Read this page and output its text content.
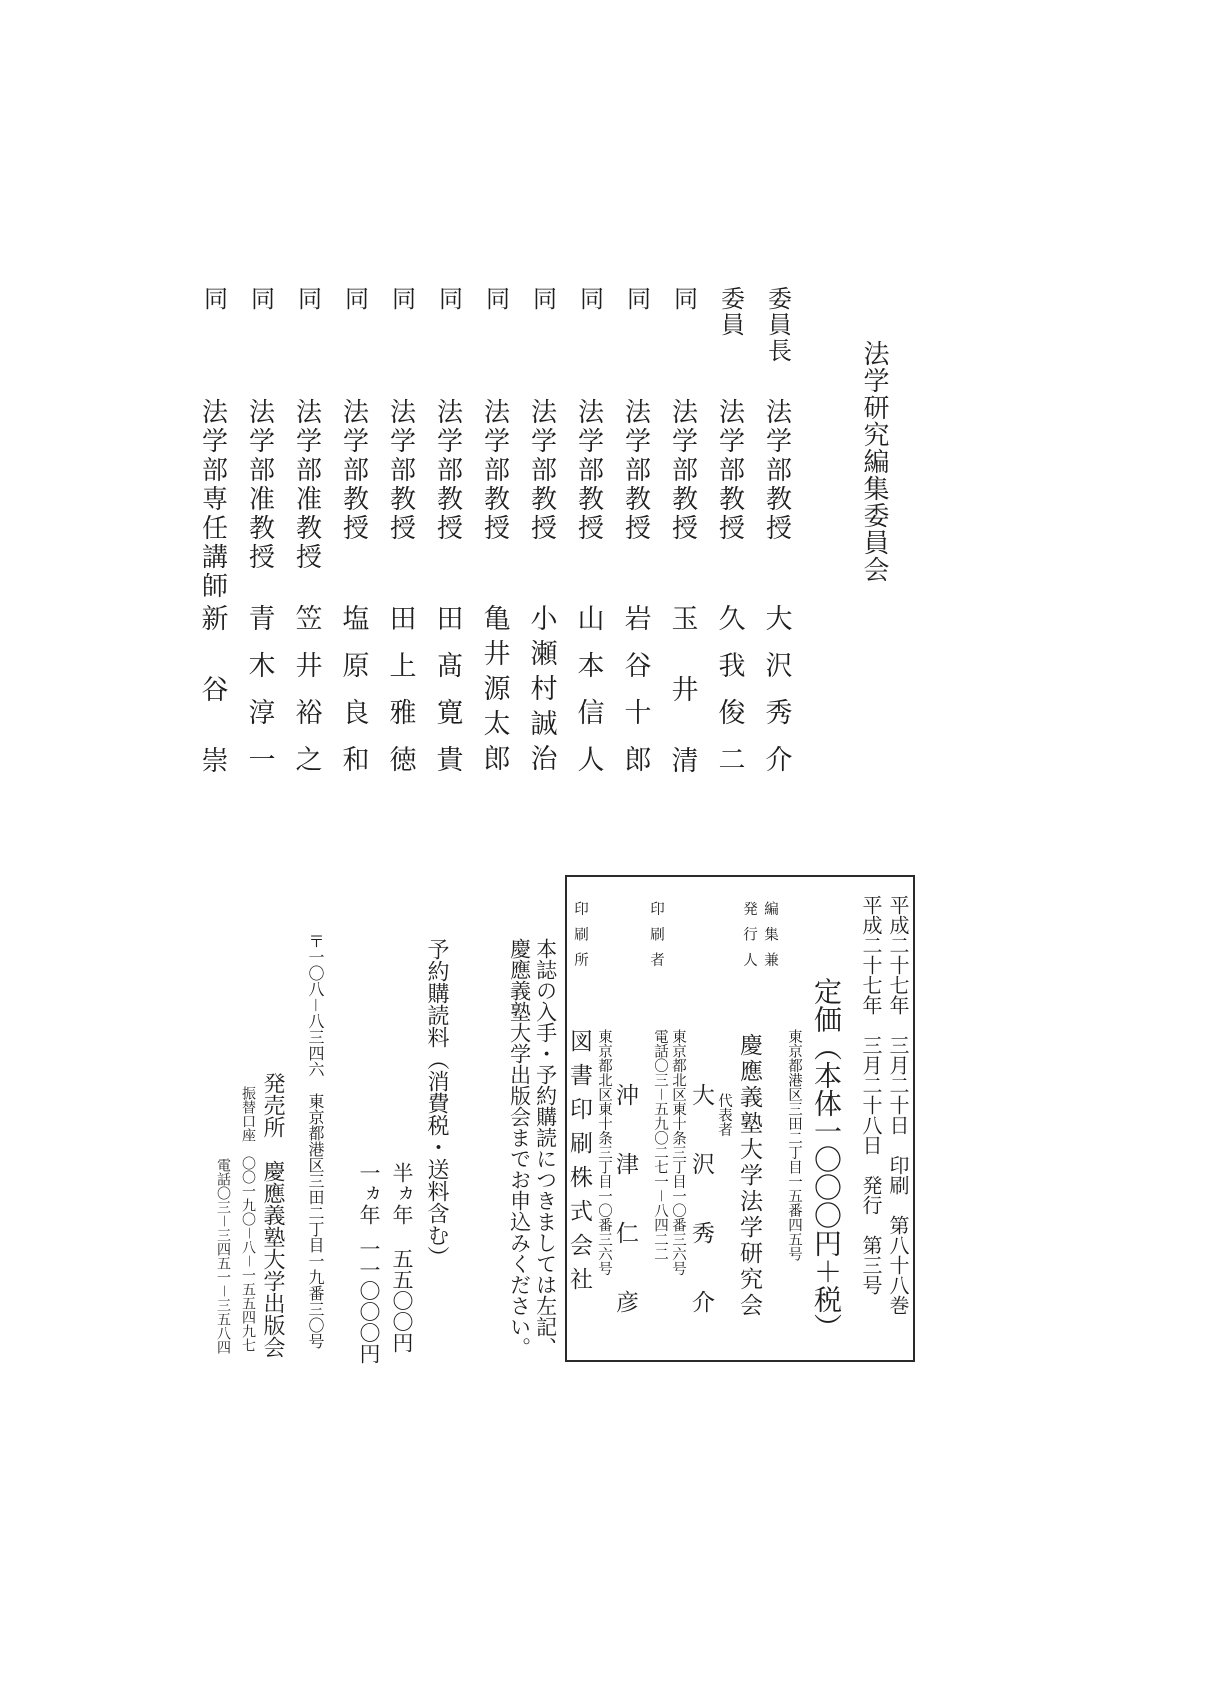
法学研究編集委員会
委員長
法学部教授
大沢秀介
委員
法学部教授
久我俊二
同
法学部教授
玉井清
同
法学部教授
岩谷十郎
同
法学部教授
山本信人
同
法学部教授
小瀬村誠治
同
法学部教授
亀井源太郎
同
法学部教授
田髙寛貴
同
法学部教授
田上雅徳
同
法学部教授
塩原良和
同
法学部准教授
笠井裕之
同
法学部准教授
青木淳一
同
法学部専任講師
新谷崇
平成二十七年　三月二十日　印刷　第八十八巻
平成二十七年　三月二十八日　発行　第三号
定価（本体一〇〇〇円＋税）
東京都港区三田二丁目一五番四五号
編集兼
発行人
慶應義塾大学法学研究会
代表者
大沢秀介
東京都北区東十条三丁目一〇番三六号
電話〇三－五九〇二七一－八四二二
印刷者
沖津仁彦
東京都北区東十条三丁目一〇番三六号
印刷所
図書印刷株式会社
本誌の入手・予約購読につきましては左記、
慶應義塾大学出版会までお申込みください。
予約購読料（消費税・送料含む）
半ヵ年
五五〇〇円
一ヵ年
一一〇〇〇円
〒一〇八－八三四六　東京都港区三田二丁目一九番三〇号
発売所　慶應義塾大学出版会
振替口座　〇〇一九〇－八－一五五四九七
電話〇三－三四五一－三五八四
